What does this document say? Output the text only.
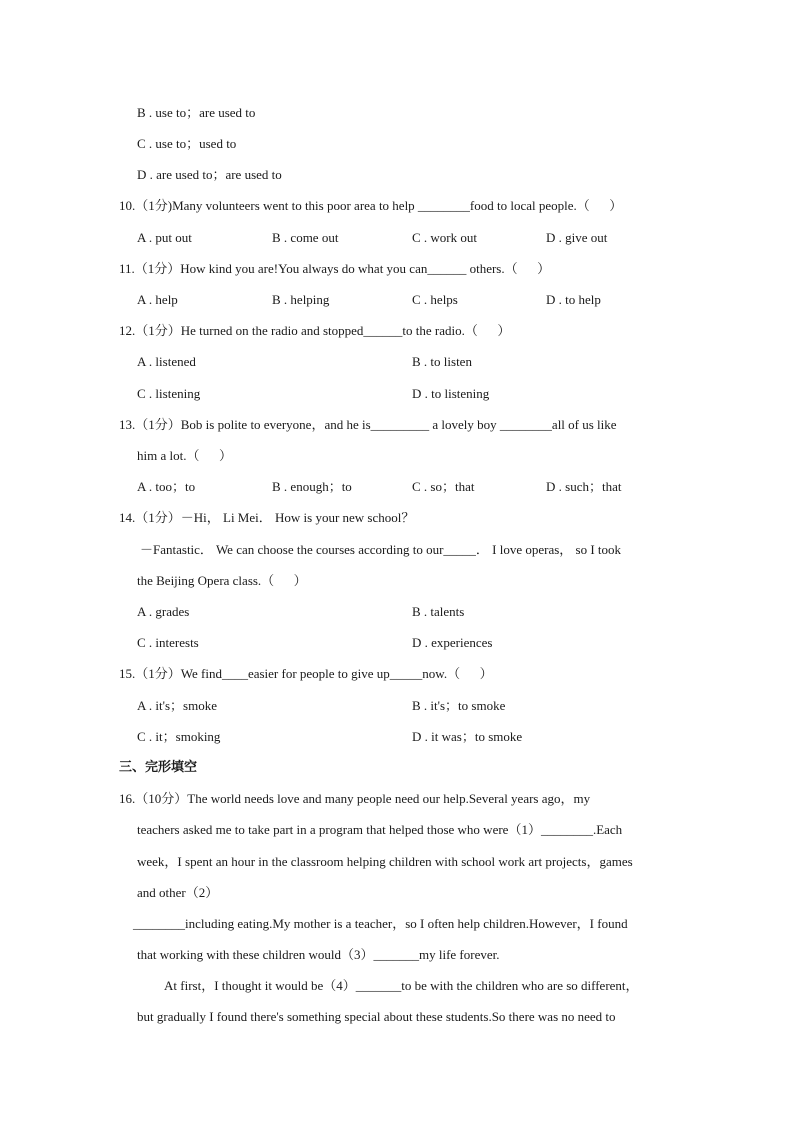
B . use to；are used to
C . use to；used to
D . are used to；are used to
10.（1分)Many volunteers went to this poor area to help ________food to local people.（      ）
A . put out	B . come out	C . work out	D . give out
11.（1分）How kind you are!You always do what you can______ others.（      ）
A . help	B . helping	C . helps	D . to help
12.（1分）He turned on the radio and stopped______to the radio.（      ）
A . listened	B . to listen
C . listening	D . to listening
13.（1分）Bob is polite to everyone，and he is_________ a lovely boy ________all of us like
him a lot.（      ）
A . too；to	B . enough；to	C . so；that	D . such；that
14.（1分）－Hi， Li Mei． How is your new school？
－Fantastic． We can choose the courses according to our_____． I love operas， so I took
the Beijing Opera class.（      ）
A . grades	B . talents
C . interests	D . experiences
15.（1分）We find____easier for people to give up_____now.（      ）
A . it's；smoke	B . it's；to smoke
C . it；smoking	D . it was；to smoke
三、完形填空
16.（10分）The world needs love and many people need our help.Several years ago，my
teachers asked me to take part in a program that helped those who were（1）________.Each
week，I spent an hour in the classroom helping children with school work art projects，games
and other（2）
________including eating.My mother is a teacher，so I often help children.However，I found
that working with these children would（3）_______my life forever.
At first，I thought it would be（4）_______to be with the children who are so different，
but gradually I found there's something special about these students.So there was no need to
